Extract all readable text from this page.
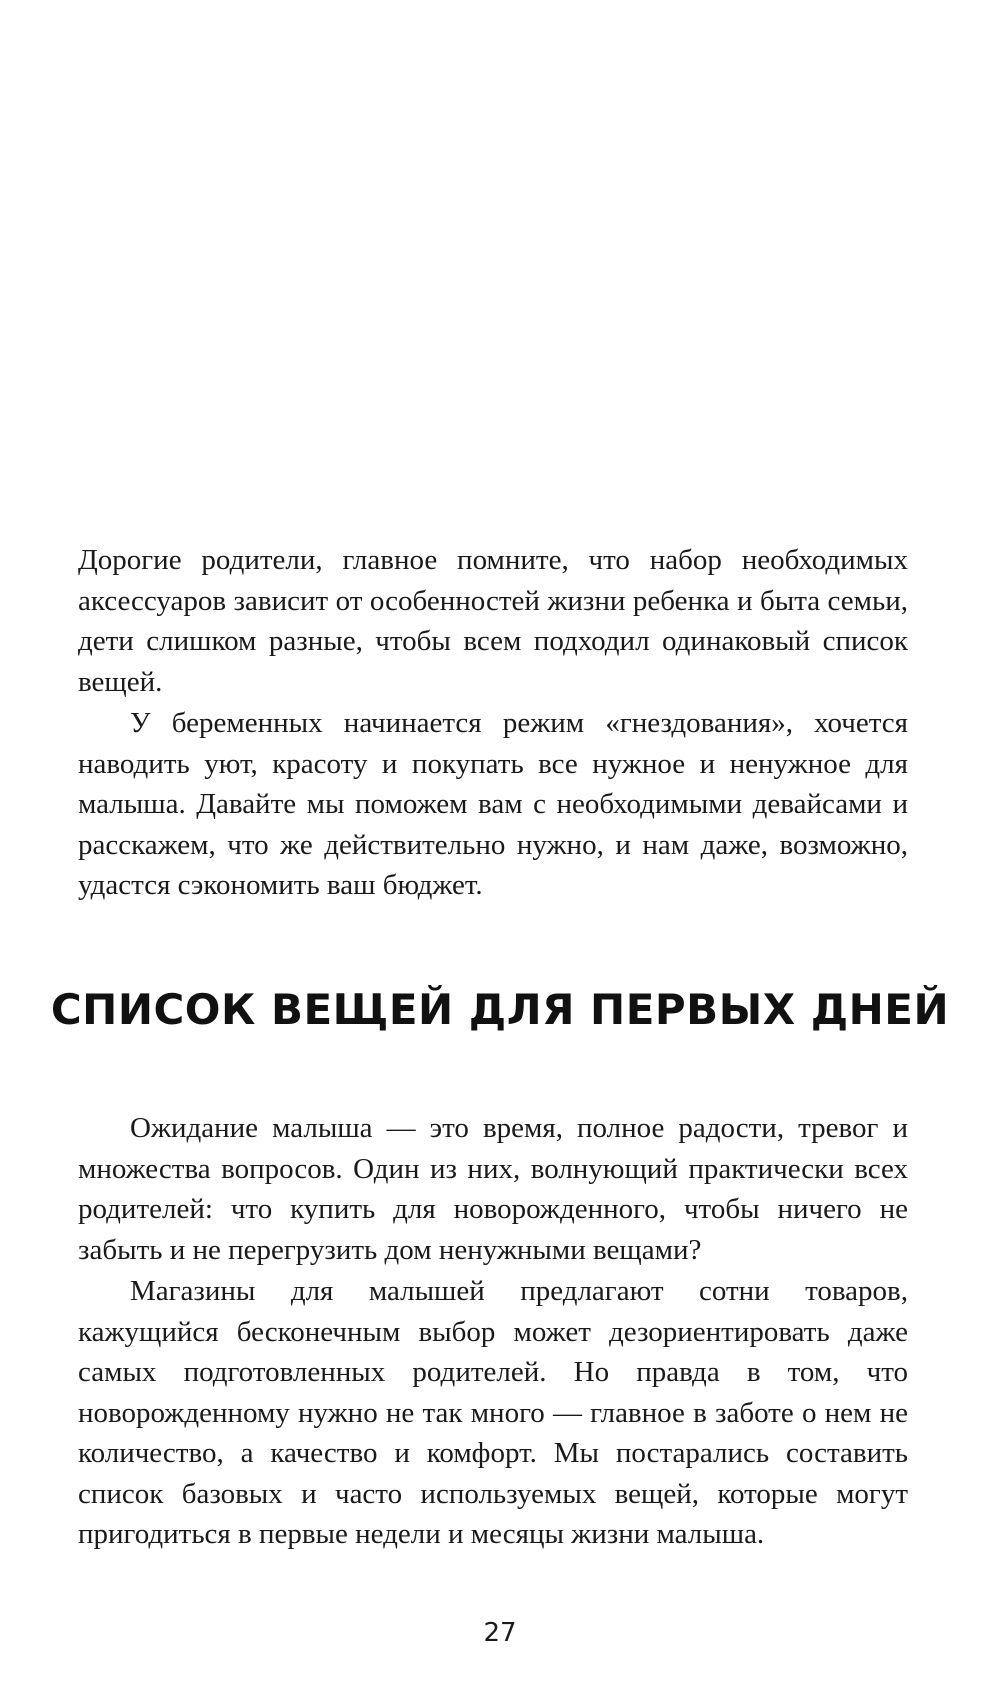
Дорогие родители, главное помните, что набор необходимых аксессуаров зависит от особенностей жизни ребенка и быта семьи, дети слишком разные, чтобы всем подходил одинаковый список вещей.

У беременных начинается режим «гнездования», хочется наводить уют, красоту и покупать все нужное и ненужное для малыша. Давайте мы поможем вам с необходимыми девайсами и расскажем, что же действительно нужно, и нам даже, возможно, удастся сэкономить ваш бюджет.

СПИСОК ВЕЩЕЙ ДЛЯ ПЕРВЫХ ДНЕЙ

Ожидание малыша — это время, полное радости, тревог и множества вопросов. Один из них, волнующий практически всех родителей: что купить для новорожденного, чтобы ничего не забыть и не перегрузить дом ненужными вещами?

Магазины для малышей предлагают сотни товаров, кажущийся бесконечным выбор может дезориентировать даже самых подготовленных родителей. Но правда в том, что новорожденному нужно не так много — главное в заботе о нем не количество, а качество и комфорт. Мы постарались составить список базовых и часто используемых вещей, которые могут пригодиться в первые недели и месяцы жизни малыша.

27
